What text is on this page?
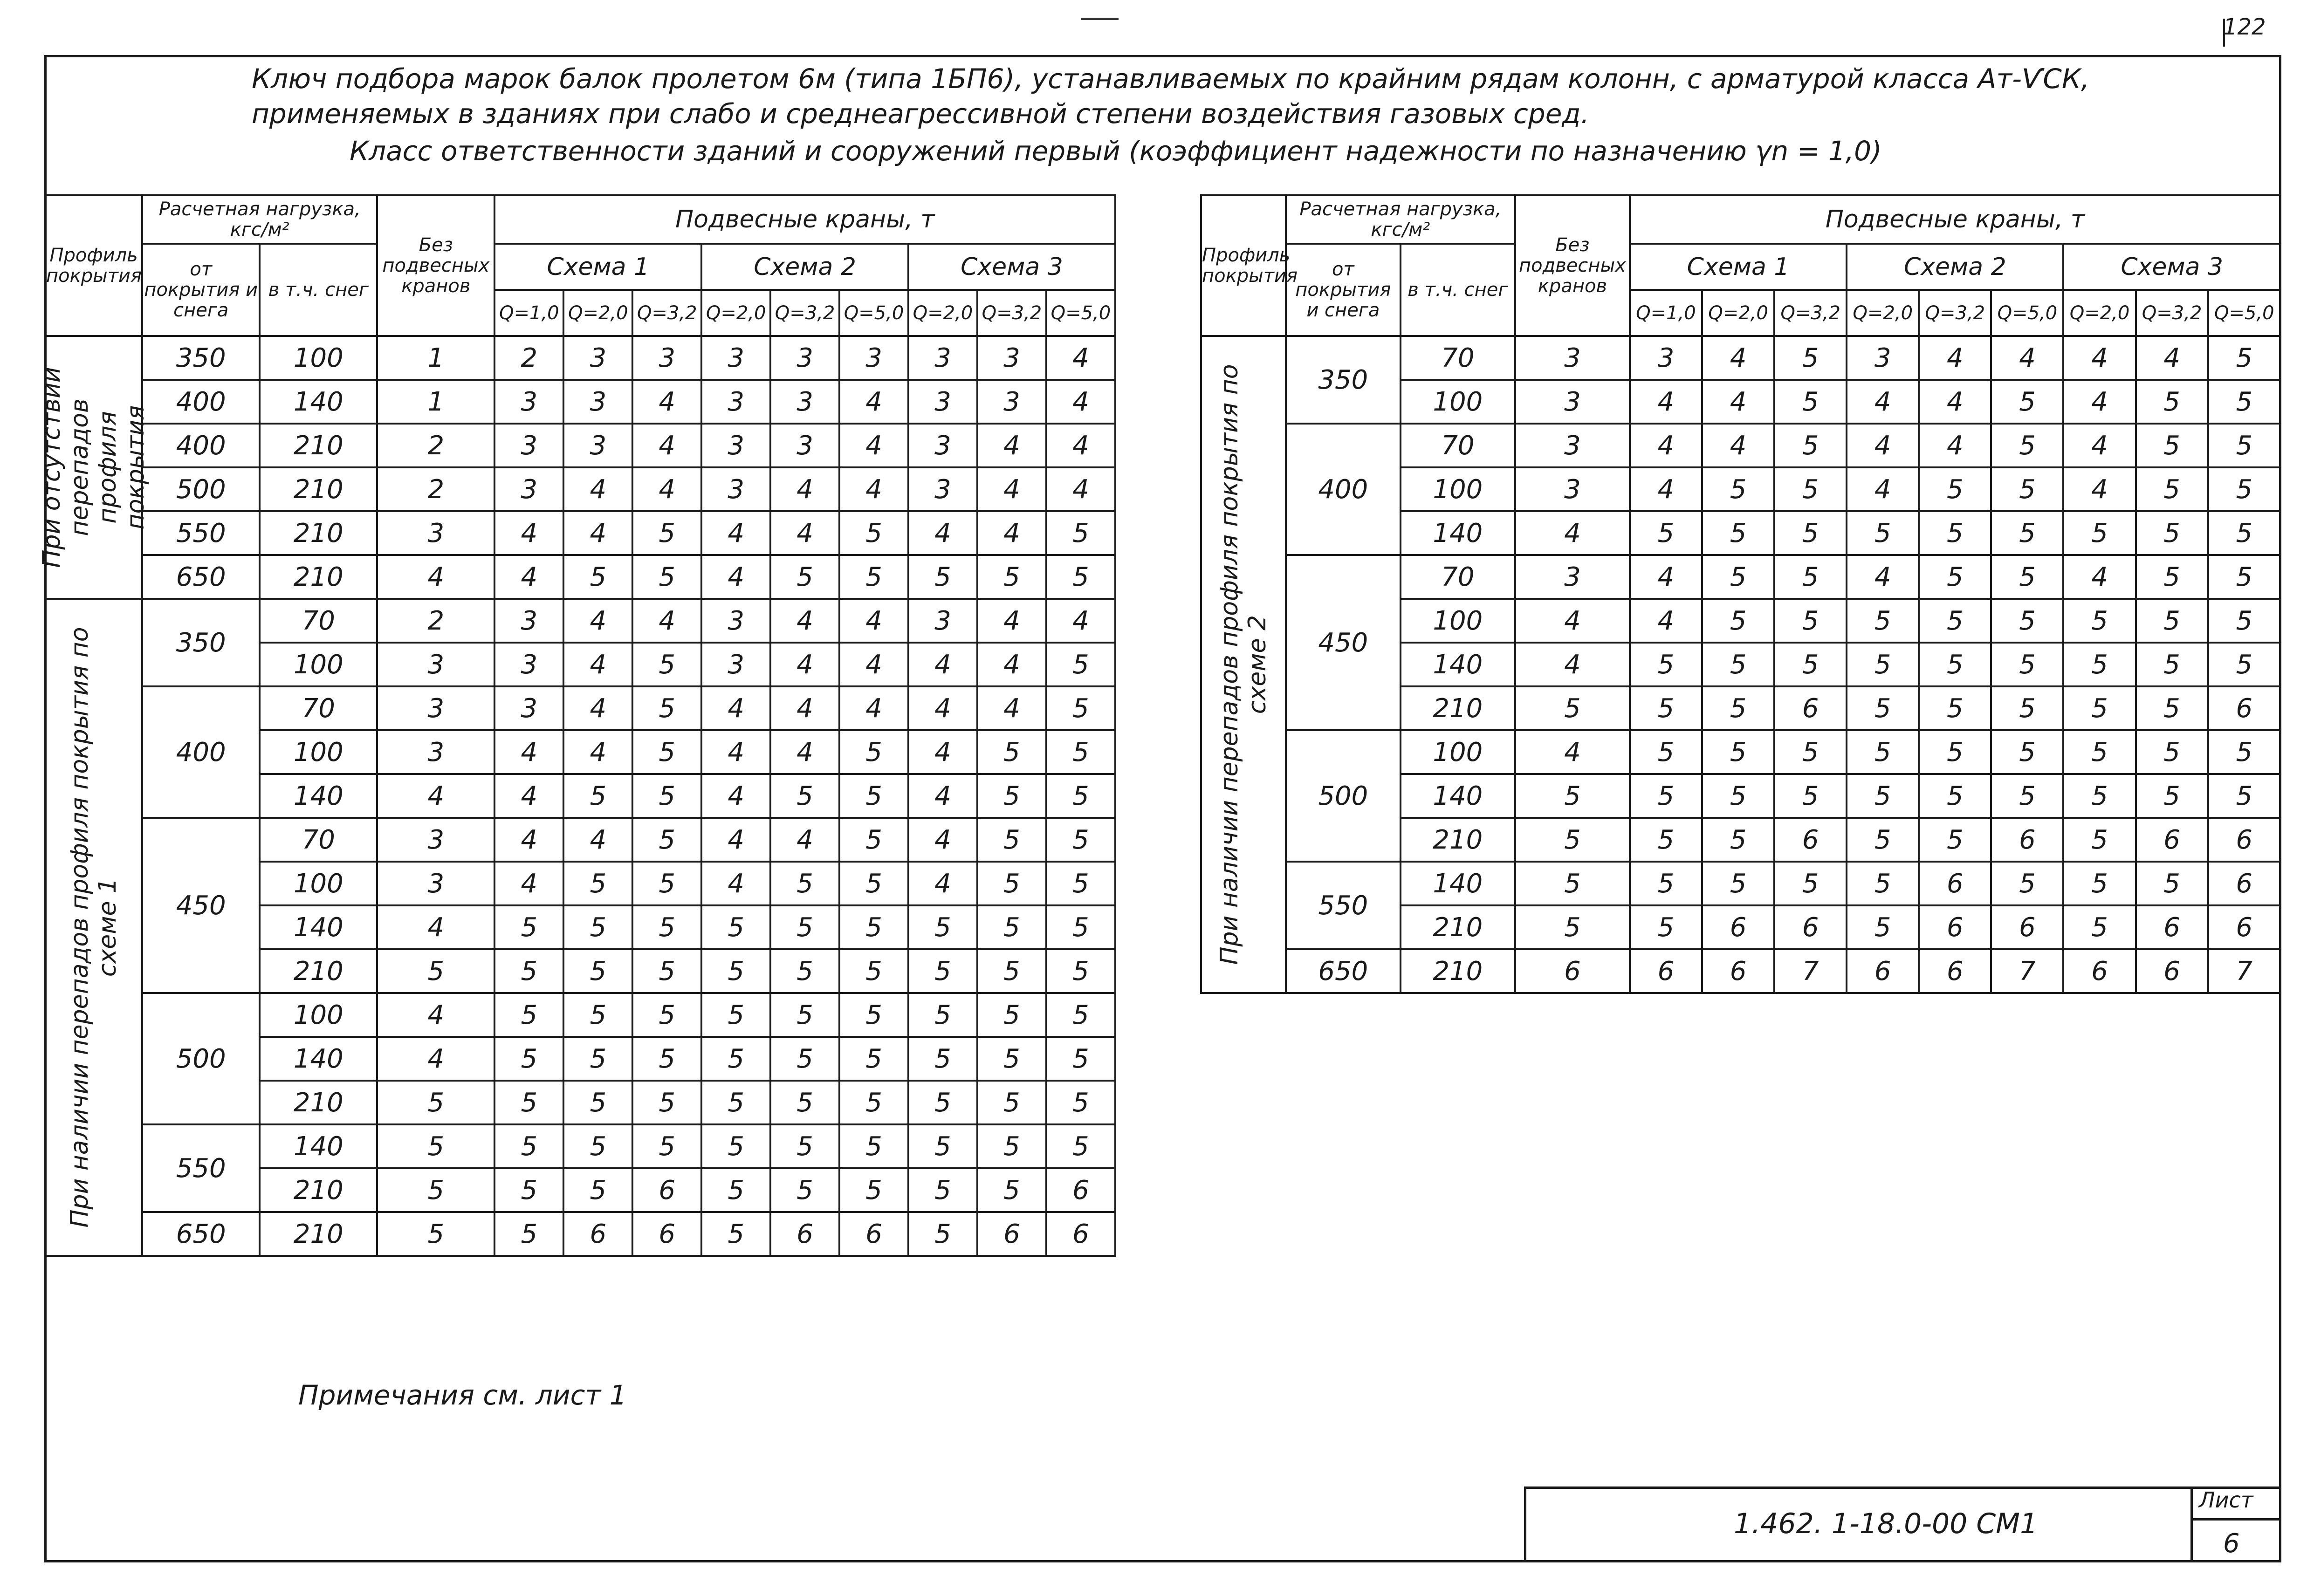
122
Ключ подбора марок балок пролетом 6м (типа 1БП6), устанавливаемых по крайним рядам колонн, с арматурой класса Ат-ѴСК,
применяемых в зданиях при слабо и среднеагрессивной степени воздействия газовых сред.
Класс ответственности зданий и сооружений первый (коэффициент надежности по назначению γn = 1,0)
Профиль покрытия	Расчетная нагрузка, кгс/м²		Без подвесных кранов	Подвесные краны, т								
	от покрытия и снега	в т.ч. снег		Схема 1			Схема 2			Схема 3		
				Q=1,0	Q=2,0	Q=3,2	Q=2,0	Q=3,2	Q=5,0	Q=2,0	Q=3,2	Q=5,0

При отсутствии перепадов профиля покрытия	350	100	1	2	3	3	3	3	3	3	3	4
	400	140	1	3	3	4	3	3	4	3	3	4
	400	210	2	3	3	4	3	3	4	3	4	4
	500	210	2	3	4	4	3	4	4	3	4	4
	550	210	3	4	4	5	4	4	5	4	4	5
	650	210	4	4	5	5	4	5	5	5	5	5

При наличии перепадов профиля покрытия по схеме 1	350	70	2	3	4	4	3	4	4	3	4	4
		100	3	3	4	5	3	4	4	4	4	5
	400	70	3	3	4	5	4	4	4	4	4	5
		100	3	4	4	5	4	4	5	4	5	5
		140	4	4	5	5	4	5	5	4	5	5
	450	70	3	4	4	5	4	4	5	4	5	5
		100	3	4	5	5	4	5	5	4	5	5
		140	4	5	5	5	5	5	5	5	5	5
		210	5	5	5	5	5	5	5	5	5	5
	500	100	4	5	5	5	5	5	5	5	5	5
		140	4	5	5	5	5	5	5	5	5	5
		210	5	5	5	5	5	5	5	5	5	5
	550	140	5	5	5	5	5	5	5	5	5	5
		210	5	5	5	6	5	5	5	5	5	6
	650	210	5	5	6	6	5	6	6	5	6	6
Профиль покрытия	Расчетная нагрузка, кгс/м²		Без подвесных кранов	Подвесные краны, т								
	от покрытия и снега	в т.ч. снег		Схема 1			Схема 2			Схема 3		
				Q=1,0	Q=2,0	Q=3,2	Q=2,0	Q=3,2	Q=5,0	Q=2,0	Q=3,2	Q=5,0

При наличии перепадов профиля покрытия по схеме 2	350	70	3	3	4	5	3	4	4	4	4	5
		100	3	4	4	5	4	4	5	4	5	5
	400	70	3	4	4	5	4	4	5	4	5	5
		100	3	4	5	5	4	5	5	4	5	5
		140	4	5	5	5	5	5	5	5	5	5
	450	70	3	4	5	5	4	5	5	4	5	5
		100	4	4	5	5	5	5	5	5	5	5
		140	4	5	5	5	5	5	5	5	5	5
		210	5	5	5	6	5	5	5	5	5	6
	500	100	4	5	5	5	5	5	5	5	5	5
		140	5	5	5	5	5	5	5	5	5	5
		210	5	5	5	6	5	5	6	5	6	6
	550	140	5	5	5	5	5	6	5	5	5	6
		210	5	5	6	6	5	6	6	5	6	6
	650	210	6	6	6	7	6	6	7	6	6	7
Примечания см. лист 1
1.462. 1-18.0-00 СМ1
Лист
6
